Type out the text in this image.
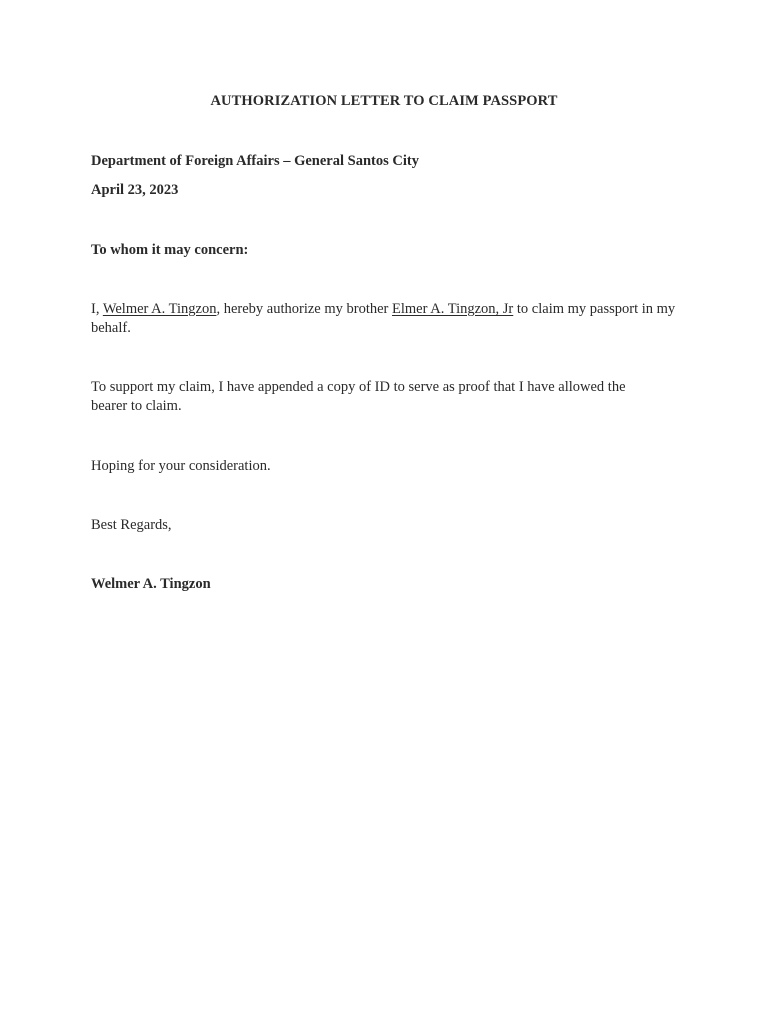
AUTHORIZATION LETTER TO CLAIM PASSPORT
Department of Foreign Affairs – General Santos City
April 23, 2023
To whom it may concern:
I, Welmer A. Tingzon, hereby authorize my brother Elmer A. Tingzon, Jr to claim my passport in my behalf.
To support my claim, I have appended a copy of ID to serve as proof that I have allowed the bearer to claim.
Hoping for your consideration.
Best Regards,
Welmer A. Tingzon
